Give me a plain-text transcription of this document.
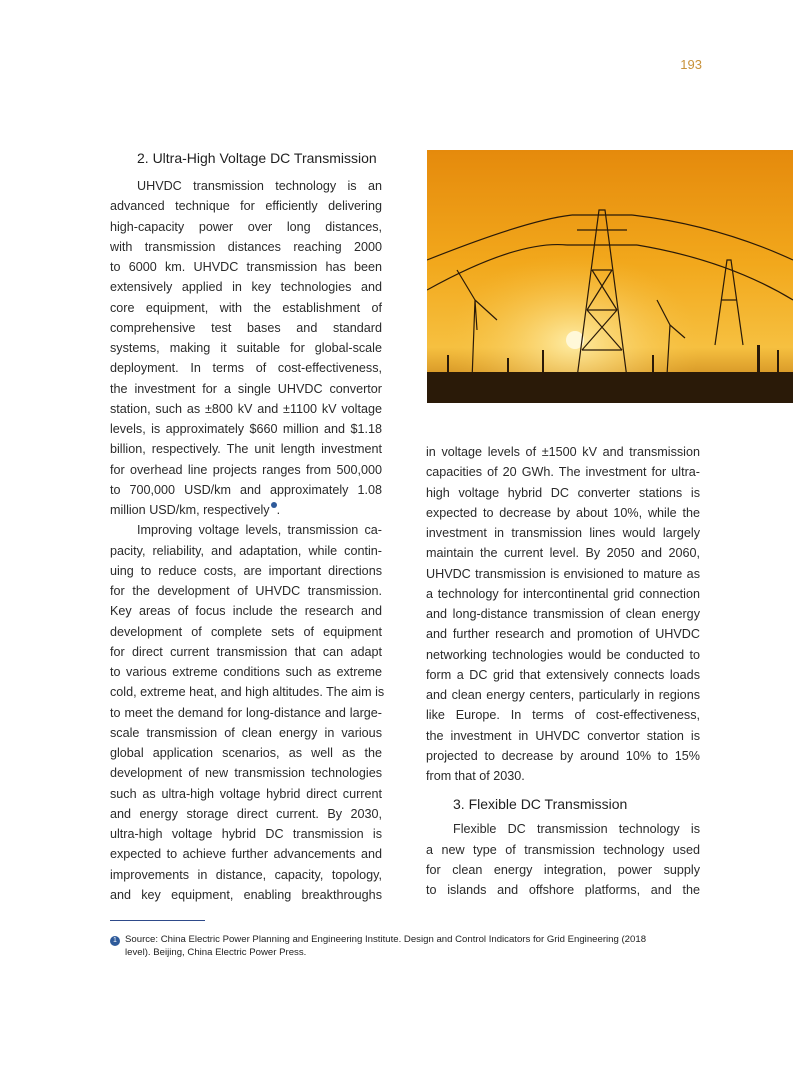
193
2. Ultra-High Voltage DC Transmission
UHVDC transmission technology is an
advanced technique for efficiently delivering
high-capacity power over long distances,
with transmission distances reaching 2000
to 6000 km. UHVDC transmission has been
extensively applied in key technologies and
core equipment, with the establishment of
comprehensive test bases and standard
systems, making it suitable for global-scale
deployment. In terms of cost-effectiveness,
the investment for a single UHVDC convertor
station, such as ±800 kV and ±1100 kV voltage
levels, is approximately $660 million and $1.18
billion, respectively. The unit length investment
for overhead line projects ranges from 500,000
to 700,000 USD/km and approximately 1.08
million USD/km, respectively .
Improving voltage levels, transmission ca-
pacity, reliability, and adaptation, while contin-
uing to reduce costs, are important directions
for the development of UHVDC transmission.
Key areas of focus include the research and
development of complete sets of equipment
for direct current transmission that can adapt
to various extreme conditions such as extreme
cold, extreme heat, and high altitudes. The aim is
to meet the demand for long-distance and large-
scale transmission of clean energy in various
global application scenarios, as well as the
development of new transmission technologies
such as ultra-high voltage hybrid direct current
and energy storage direct current. By 2030,
ultra-high voltage hybrid DC transmission is
expected to achieve further advancements and
improvements in distance, capacity, topology,
and key equipment, enabling breakthroughs
in voltage levels of ±1500 kV and transmission
capacities of 20 GWh. The investment for ultra-
high voltage hybrid DC converter stations is
expected to decrease by about 10%, while the
investment in transmission lines would largely
maintain the current level. By 2050 and 2060,
UHVDC transmission is envisioned to mature as
a technology for intercontinental grid connection
and long-distance transmission of clean energy
and further research and promotion of UHVDC
networking technologies would be conducted to
form a DC grid that extensively connects loads
and clean energy centers, particularly in regions
like Europe. In terms of cost-effectiveness,
the investment in UHVDC convertor station is
projected to decrease by around 10% to 15%
from that of 2030.
3. Flexible DC Transmission
Flexible DC transmission technology is
a new type of transmission technology used
for clean energy integration, power supply
to islands and offshore platforms, and the
1 Source: China Electric Power Planning and Engineering Institute. Design and Control Indicators for Grid Engineering (2018
level). Beijing, China Electric Power Press.
